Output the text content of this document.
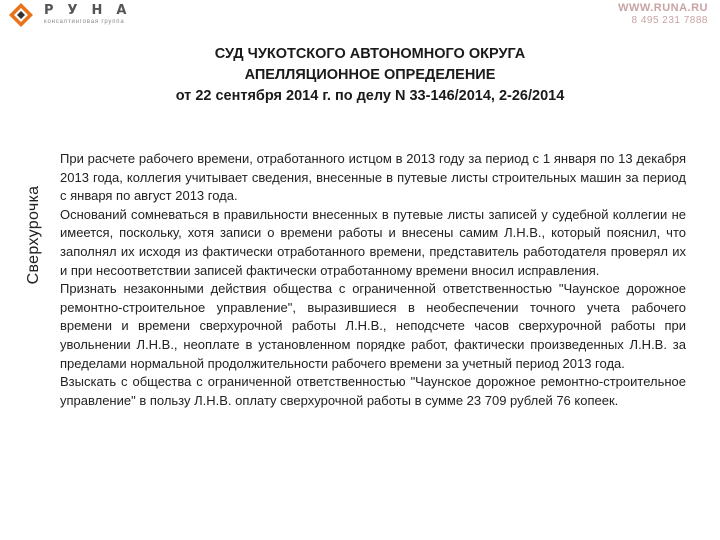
РУНА
консалтинговая группа
WWW.RUNA.RU
8 495 231 7888
СУД ЧУКОТСКОГО АВТОНОМНОГО ОКРУГА
АПЕЛЛЯЦИОННОЕ ОПРЕДЕЛЕНИЕ
от 22 сентября 2014 г. по делу N 33-146/2014, 2-26/2014
Сверхурочка

При расчете рабочего времени, отработанного истцом в 2013 году за период с 1 января по 13 декабря 2013 года, коллегия учитывает сведения, внесенные в путевые листы строительных машин за период с января по август 2013 года.

Оснований сомневаться в правильности внесенных в путевые листы записей у судебной коллегии не имеется, поскольку, хотя записи о времени работы и внесены самим Л.Н.В., который пояснил, что заполнял их исходя из фактически отработанного времени, представитель работодателя проверял их и при несоответствии записей фактически отработанному времени вносил исправления.

Признать незаконными действия общества с ограниченной ответственностью "Чаунское дорожное ремонтно-строительное управление", выразившиеся в необеспечении точного учета рабочего времени и времени сверхурочной работы Л.Н.В., неподсчете часов сверхурочной работы при увольнении Л.Н.В., неоплате в установленном порядке работ, фактически произведенных Л.Н.В. за пределами нормальной продолжительности рабочего времени за учетный период 2013 года.

Взыскать с общества с ограниченной ответственностью "Чаунское дорожное ремонтно-строительное управление" в пользу Л.Н.В. оплату сверхурочной работы в сумме 23 709 рублей 76 копеек.
